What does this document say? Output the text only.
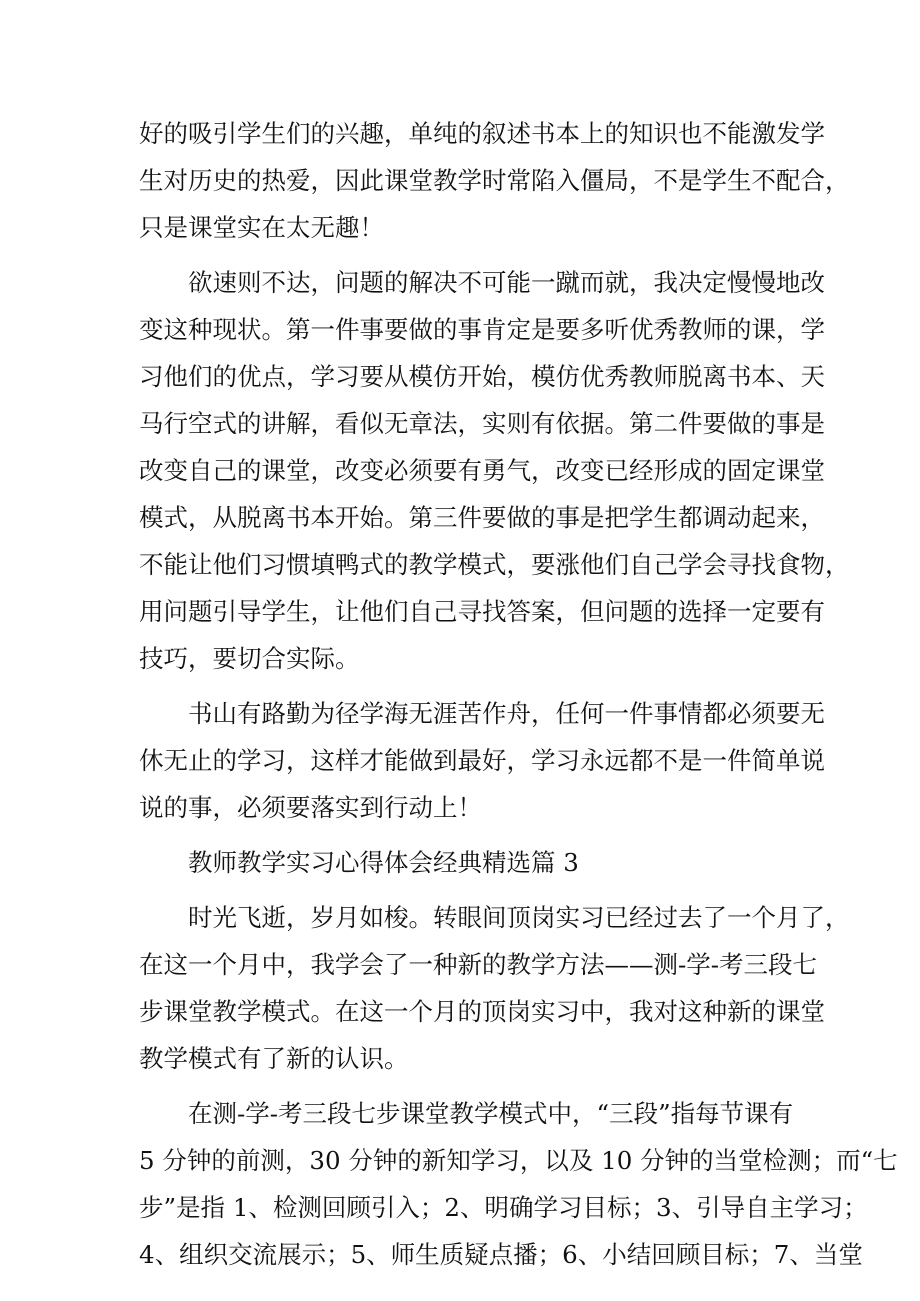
好的吸引学生们的兴趣，单纯的叙述书本上的知识也不能激发学
生对历史的热爱，因此课堂教学时常陷入僵局，不是学生不配合，
只是课堂实在太无趣！
欲速则不达，问题的解决不可能一蹴而就，我决定慢慢地改
变这种现状。第一件事要做的事肯定是要多听优秀教师的课，学
习他们的优点，学习要从模仿开始，模仿优秀教师脱离书本、天
马行空式的讲解，看似无章法，实则有依据。第二件要做的事是
改变自己的课堂，改变必须要有勇气，改变已经形成的固定课堂
模式，从脱离书本开始。第三件要做的事是把学生都调动起来，
不能让他们习惯填鸭式的教学模式，要涨他们自己学会寻找食物，
用问题引导学生，让他们自己寻找答案，但问题的选择一定要有
技巧，要切合实际。
书山有路勤为径学海无涯苦作舟，任何一件事情都必须要无
休无止的学习，这样才能做到最好，学习永远都不是一件简单说
说的事，必须要落实到行动上！
教师教学实习心得体会经典精选篇 3
时光飞逝，岁月如梭。转眼间顶岗实习已经过去了一个月了，
在这一个月中，我学会了一种新的教学方法——测-学-考三段七
步课堂教学模式。在这一个月的顶岗实习中，我对这种新的课堂
教学模式有了新的认识。
在测-学-考三段七步课堂教学模式中，“三段”指每节课有
5 分钟的前测，30 分钟的新知学习，以及 10 分钟的当堂检测；而“七
步”是指 1、检测回顾引入；2、明确学习目标；3、引导自主学习；
4、组织交流展示；5、师生质疑点播；6、小结回顾目标；7、当堂
